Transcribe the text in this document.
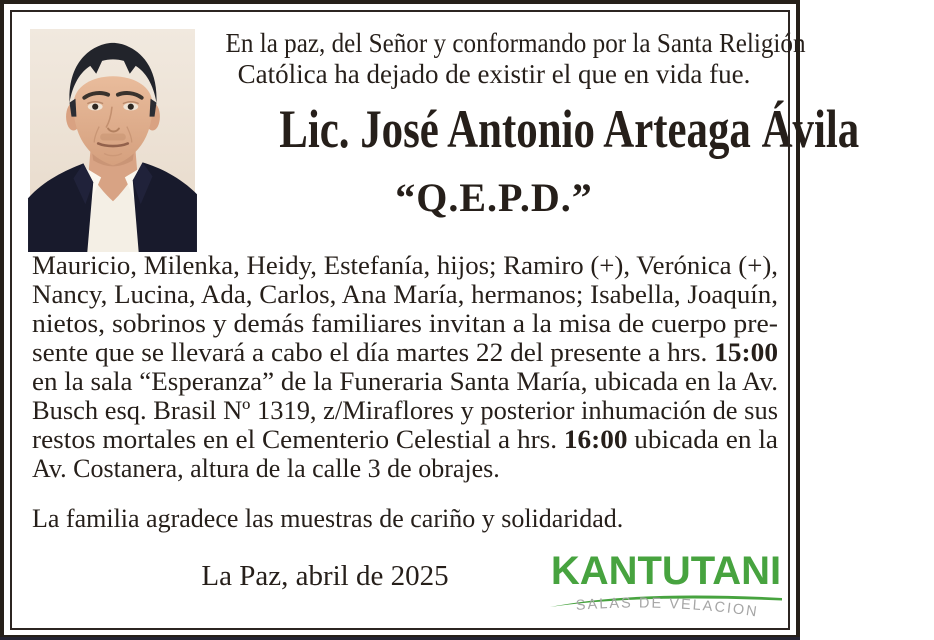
En la paz, del Señor y conformando por la Santa Religión
Católica ha dejado de existir el que en vida fue.
Lic. José Antonio Arteaga Ávila
“Q.E.P.D.”
Mauricio, Milenka, Heidy, Estefanía, hijos; Ramiro (+), Verónica (+),
Nancy, Lucina, Ada, Carlos, Ana María, hermanos; Isabella, Joaquín,
nietos, sobrinos y demás familiares invitan a la misa de cuerpo pre-
sente que se llevará a cabo el día martes 22 del presente a hrs. 15:00
en la sala “Esperanza” de la Funeraria Santa María, ubicada en la Av.
Busch esq. Brasil Nº 1319, z/Miraflores y posterior inhumación de sus
restos mortales en el Cementerio Celestial a hrs. 16:00 ubicada en la
Av. Costanera, altura de la calle 3 de obrajes.
La familia agradece las muestras de cariño y solidaridad.
La Paz, abril de 2025	KANTUTANI
SALAS DE VELACION
